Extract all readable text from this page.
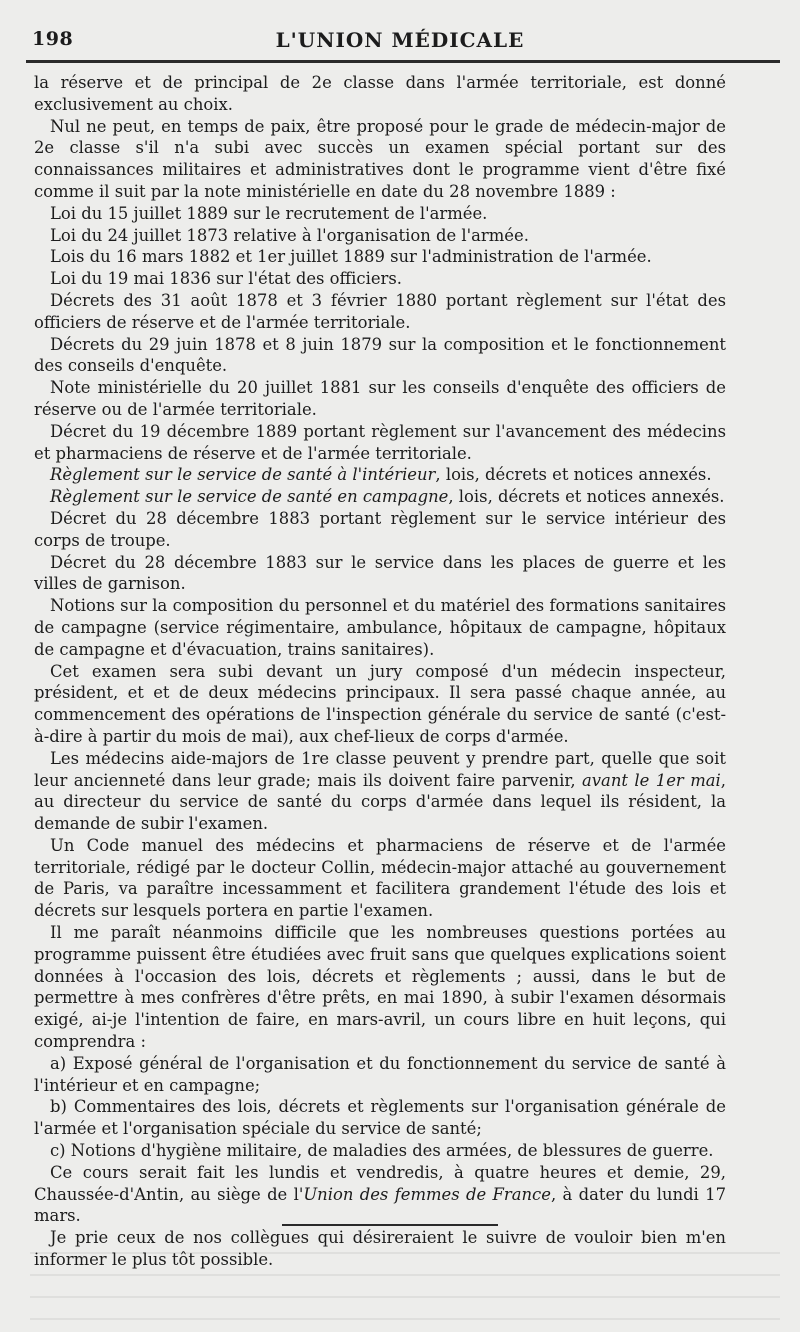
198	L'UNION MÉDICALE

la réserve et de principal de 2e classe dans l'armée territoriale, est donné exclusivement au choix.

Nul ne peut, en temps de paix, être proposé pour le grade de médecin-major de 2e classe s'il n'a subi avec succès un examen spécial portant sur des connaissances militaires et administratives dont le programme vient d'être fixé comme il suit par la note ministérielle en date du 28 novembre 1889 :

Loi du 15 juillet 1889 sur le recrutement de l'armée.

Loi du 24 juillet 1873 relative à l'organisation de l'armée.

Lois du 16 mars 1882 et 1er juillet 1889 sur l'administration de l'armée.

Loi du 19 mai 1836 sur l'état des officiers.

Décrets des 31 août 1878 et 3 février 1880 portant règlement sur l'état des officiers de réserve et de l'armée territoriale.

Décrets du 29 juin 1878 et 8 juin 1879 sur la composition et le fonctionnement des conseils d'enquête.

Note ministérielle du 20 juillet 1881 sur les conseils d'enquête des officiers de réserve ou de l'armée territoriale.

Décret du 19 décembre 1889 portant règlement sur l'avancement des médecins et pharmaciens de réserve et de l'armée territoriale.

Règlement sur le service de santé à l'intérieur, lois, décrets et notices annexés.

Règlement sur le service de santé en campagne, lois, décrets et notices annexés.

Décret du 28 décembre 1883 portant règlement sur le service intérieur des corps de troupe.

Décret du 28 décembre 1883 sur le service dans les places de guerre et les villes de garnison.

Notions sur la composition du personnel et du matériel des formations sanitaires de campagne (service régimentaire, ambulance, hôpitaux de campagne, hôpitaux de campagne et d'évacuation, trains sanitaires).

Cet examen sera subi devant un jury composé d'un médecin inspecteur, président, et et de deux médecins principaux. Il sera passé chaque année, au commencement des opérations de l'inspection générale du service de santé (c'est-à-dire à partir du mois de mai), aux chef-lieux de corps d'armée.

Les médecins aide-majors de 1re classe peuvent y prendre part, quelle que soit leur ancienneté dans leur grade; mais ils doivent faire parvenir, avant le 1er mai, au directeur du service de santé du corps d'armée dans lequel ils résident, la demande de subir l'examen.

Un Code manuel des médecins et pharmaciens de réserve et de l'armée territoriale, rédigé par le docteur Collin, médecin-major attaché au gouvernement de Paris, va paraître incessamment et facilitera grandement l'étude des lois et décrets sur lesquels portera en partie l'examen.

Il me paraît néanmoins difficile que les nombreuses questions portées au programme puissent être étudiées avec fruit sans que quelques explications soient données à l'occasion des lois, décrets et règlements ; aussi, dans le but de permettre à mes confrères d'être prêts, en mai 1890, à subir l'examen désormais exigé, ai-je l'intention de faire, en mars-avril, un cours libre en huit leçons, qui comprendra :

a) Exposé général de l'organisation et du fonctionnement du service de santé à l'intérieur et en campagne;

b) Commentaires des lois, décrets et règlements sur l'organisation générale de l'armée et l'organisation spéciale du service de santé;

c) Notions d'hygiène militaire, de maladies des armées, de blessures de guerre.

Ce cours serait fait les lundis et vendredis, à quatre heures et demie, 29, Chaussée-d'Antin, au siège de l'Union des femmes de France, à dater du lundi 17 mars.

Je prie ceux de nos collègues qui désireraient le suivre de vouloir bien m'en informer le plus tôt possible.
